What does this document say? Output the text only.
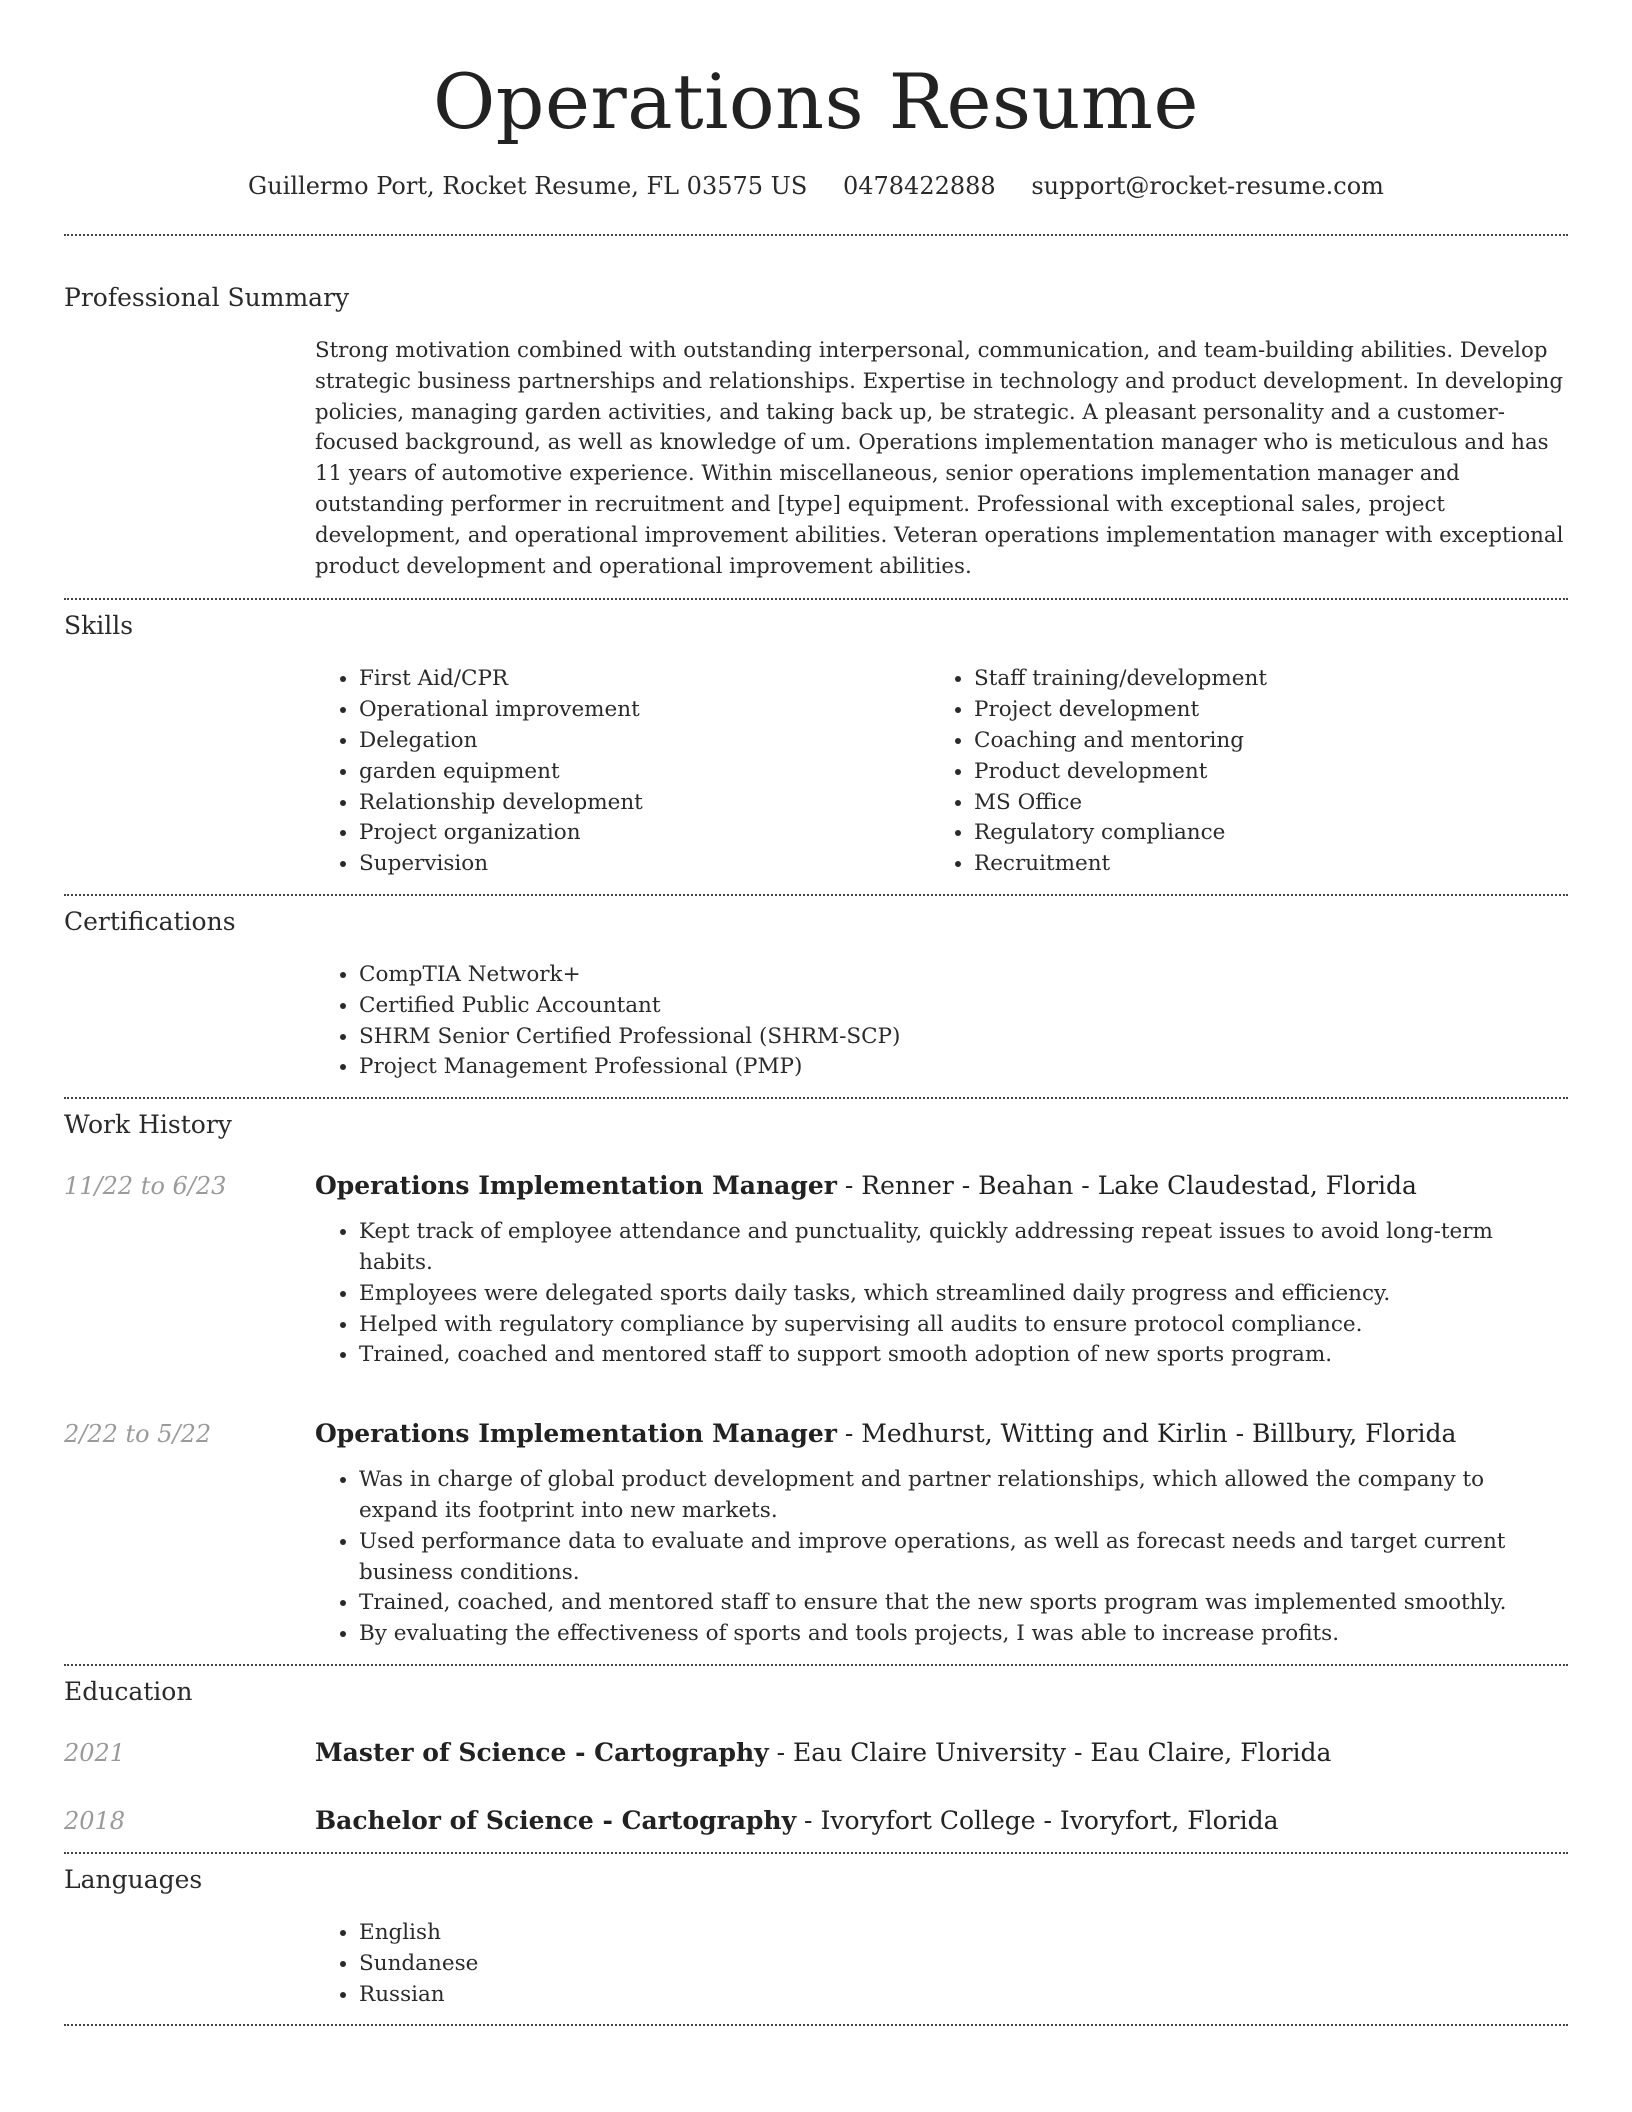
Operations Resume
Guillermo Port, Rocket Resume, FL 03575 US 0478422888 support@rocket-resume.com
Professional Summary
Strong motivation combined with outstanding interpersonal, communication, and team-building abilities. Develop strategic business partnerships and relationships. Expertise in technology and product development. In developing policies, managing garden activities, and taking back up, be strategic. A pleasant personality and a customer-focused background, as well as knowledge of um. Operations implementation manager who is meticulous and has 11 years of automotive experience. Within miscellaneous, senior operations implementation manager and outstanding performer in recruitment and [type] equipment. Professional with exceptional sales, project development, and operational improvement abilities. Veteran operations implementation manager with exceptional product development and operational improvement abilities.
Skills
• First Aid/CPR
• Operational improvement
• Delegation
• garden equipment
• Relationship development
• Project organization
• Supervision
• Staff training/development
• Project development
• Coaching and mentoring
• Product development
• MS Office
• Regulatory compliance
• Recruitment
Certifications
• CompTIA Network+
• Certified Public Accountant
• SHRM Senior Certified Professional (SHRM-SCP)
• Project Management Professional (PMP)
Work History
11/22 to 6/23	Operations Implementation Manager - Renner - Beahan - Lake Claudestad, Florida
• Kept track of employee attendance and punctuality, quickly addressing repeat issues to avoid long-term habits.
• Employees were delegated sports daily tasks, which streamlined daily progress and efficiency.
• Helped with regulatory compliance by supervising all audits to ensure protocol compliance.
• Trained, coached and mentored staff to support smooth adoption of new sports program.
2/22 to 5/22	Operations Implementation Manager - Medhurst, Witting and Kirlin - Billbury, Florida
• Was in charge of global product development and partner relationships, which allowed the company to expand its footprint into new markets.
• Used performance data to evaluate and improve operations, as well as forecast needs and target current business conditions.
• Trained, coached, and mentored staff to ensure that the new sports program was implemented smoothly.
• By evaluating the effectiveness of sports and tools projects, I was able to increase profits.
Education
2021	Master of Science - Cartography - Eau Claire University - Eau Claire, Florida
2018	Bachelor of Science - Cartography - Ivoryfort College - Ivoryfort, Florida
Languages
• English
• Sundanese
• Russian
